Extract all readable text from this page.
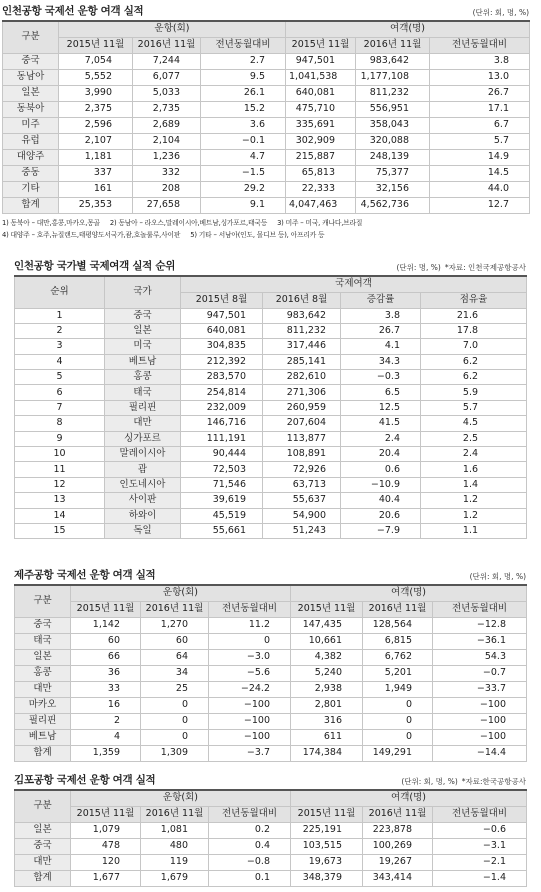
인천공항 국제선 운항 여객 실적	(단위: 회, 명, %)
구분	운항(회)			여객(명)		
	2015년 11월	2016년 11월	전년동월대비	2015년 11월	2016년 11월	전년동월대비
중국	7,054	7,244	2.7	947,501	983,642	3.8
동남아	5,552	6,077	9.5	1,041,538	1,177,108	13.0
일본	3,990	5,033	26.1	640,081	811,232	26.7
동북아	2,375	2,735	15.2	475,710	556,951	17.1
미주	2,596	2,689	3.6	335,691	358,043	6.7
유럽	2,107	2,104	−0.1	302,909	320,088	5.7
대양주	1,181	1,236	4.7	215,887	248,139	14.9
중동	337	332	−1.5	65,813	75,377	14.5
기타	161	208	29.2	22,333	32,156	44.0
합계	25,353	27,658	9.1	4,047,463	4,562,736	12.7
1) 동북아 – 대만,홍콩,마카오,몽골 2) 동남아 – 라오스,말레이시아,베트남,싱가포르,태국등 3) 미주 – 미국, 캐나다,브라질
4) 대양주 – 호주,뉴질랜드,태평양도서국가,괌,호놀룰루,사이판 5) 기타 – 서남아(인도, 몰디브 등), 아프리카 등
인천공항 국가별 국제여객 실적 순위	(단위: 명, %) *자료: 인천국제공항공사
순위	국가	국제여객			
		2015년 8월	2016년 8월	증감률	점유율
1	중국	947,501	983,642	3.8	21.6
2	일본	640,081	811,232	26.7	17.8
3	미국	304,835	317,446	4.1	7.0
4	베트남	212,392	285,141	34.3	6.2
5	홍콩	283,570	282,610	−0.3	6.2
6	태국	254,814	271,306	6.5	5.9
7	필리핀	232,009	260,959	12.5	5.7
8	대만	146,716	207,604	41.5	4.5
9	싱가포르	111,191	113,877	2.4	2.5
10	말레이시아	90,444	108,891	20.4	2.4
11	괌	72,503	72,926	0.6	1.6
12	인도네시아	71,546	63,713	−10.9	1.4
13	사이판	39,619	55,637	40.4	1.2
14	하와이	45,519	54,900	20.6	1.2
15	독일	55,661	51,243	−7.9	1.1
제주공항 국제선 운항 여객 실적	(단위: 회, 명, %)
구분	운항(회)			여객(명)		
	2015년 11월	2016년 11월	전년동월대비	2015년 11월	2016년 11월	전년동월대비
중국	1,142	1,270	11.2	147,435	128,564	−12.8
태국	60	60	0	10,661	6,815	−36.1
일본	66	64	−3.0	4,382	6,762	54.3
홍콩	36	34	−5.6	5,240	5,201	−0.7
대만	33	25	−24.2	2,938	1,949	−33.7
마카오	16	0	−100	2,801	0	−100
필리핀	2	0	−100	316	0	−100
베트남	4	0	−100	611	0	−100
합계	1,359	1,309	−3.7	174,384	149,291	−14.4
김포공항 국제선 운항 여객 실적	(단위: 회, 명, %) *자료:한국공항공사
구분	운항(회)			여객(명)		
	2015년 11월	2016년 11월	전년동월대비	2015년 11월	2016년 11월	전년동월대비
일본	1,079	1,081	0.2	225,191	223,878	−0.6
중국	478	480	0.4	103,515	100,269	−3.1
대만	120	119	−0.8	19,673	19,267	−2.1
합계	1,677	1,679	0.1	348,379	343,414	−1.4
